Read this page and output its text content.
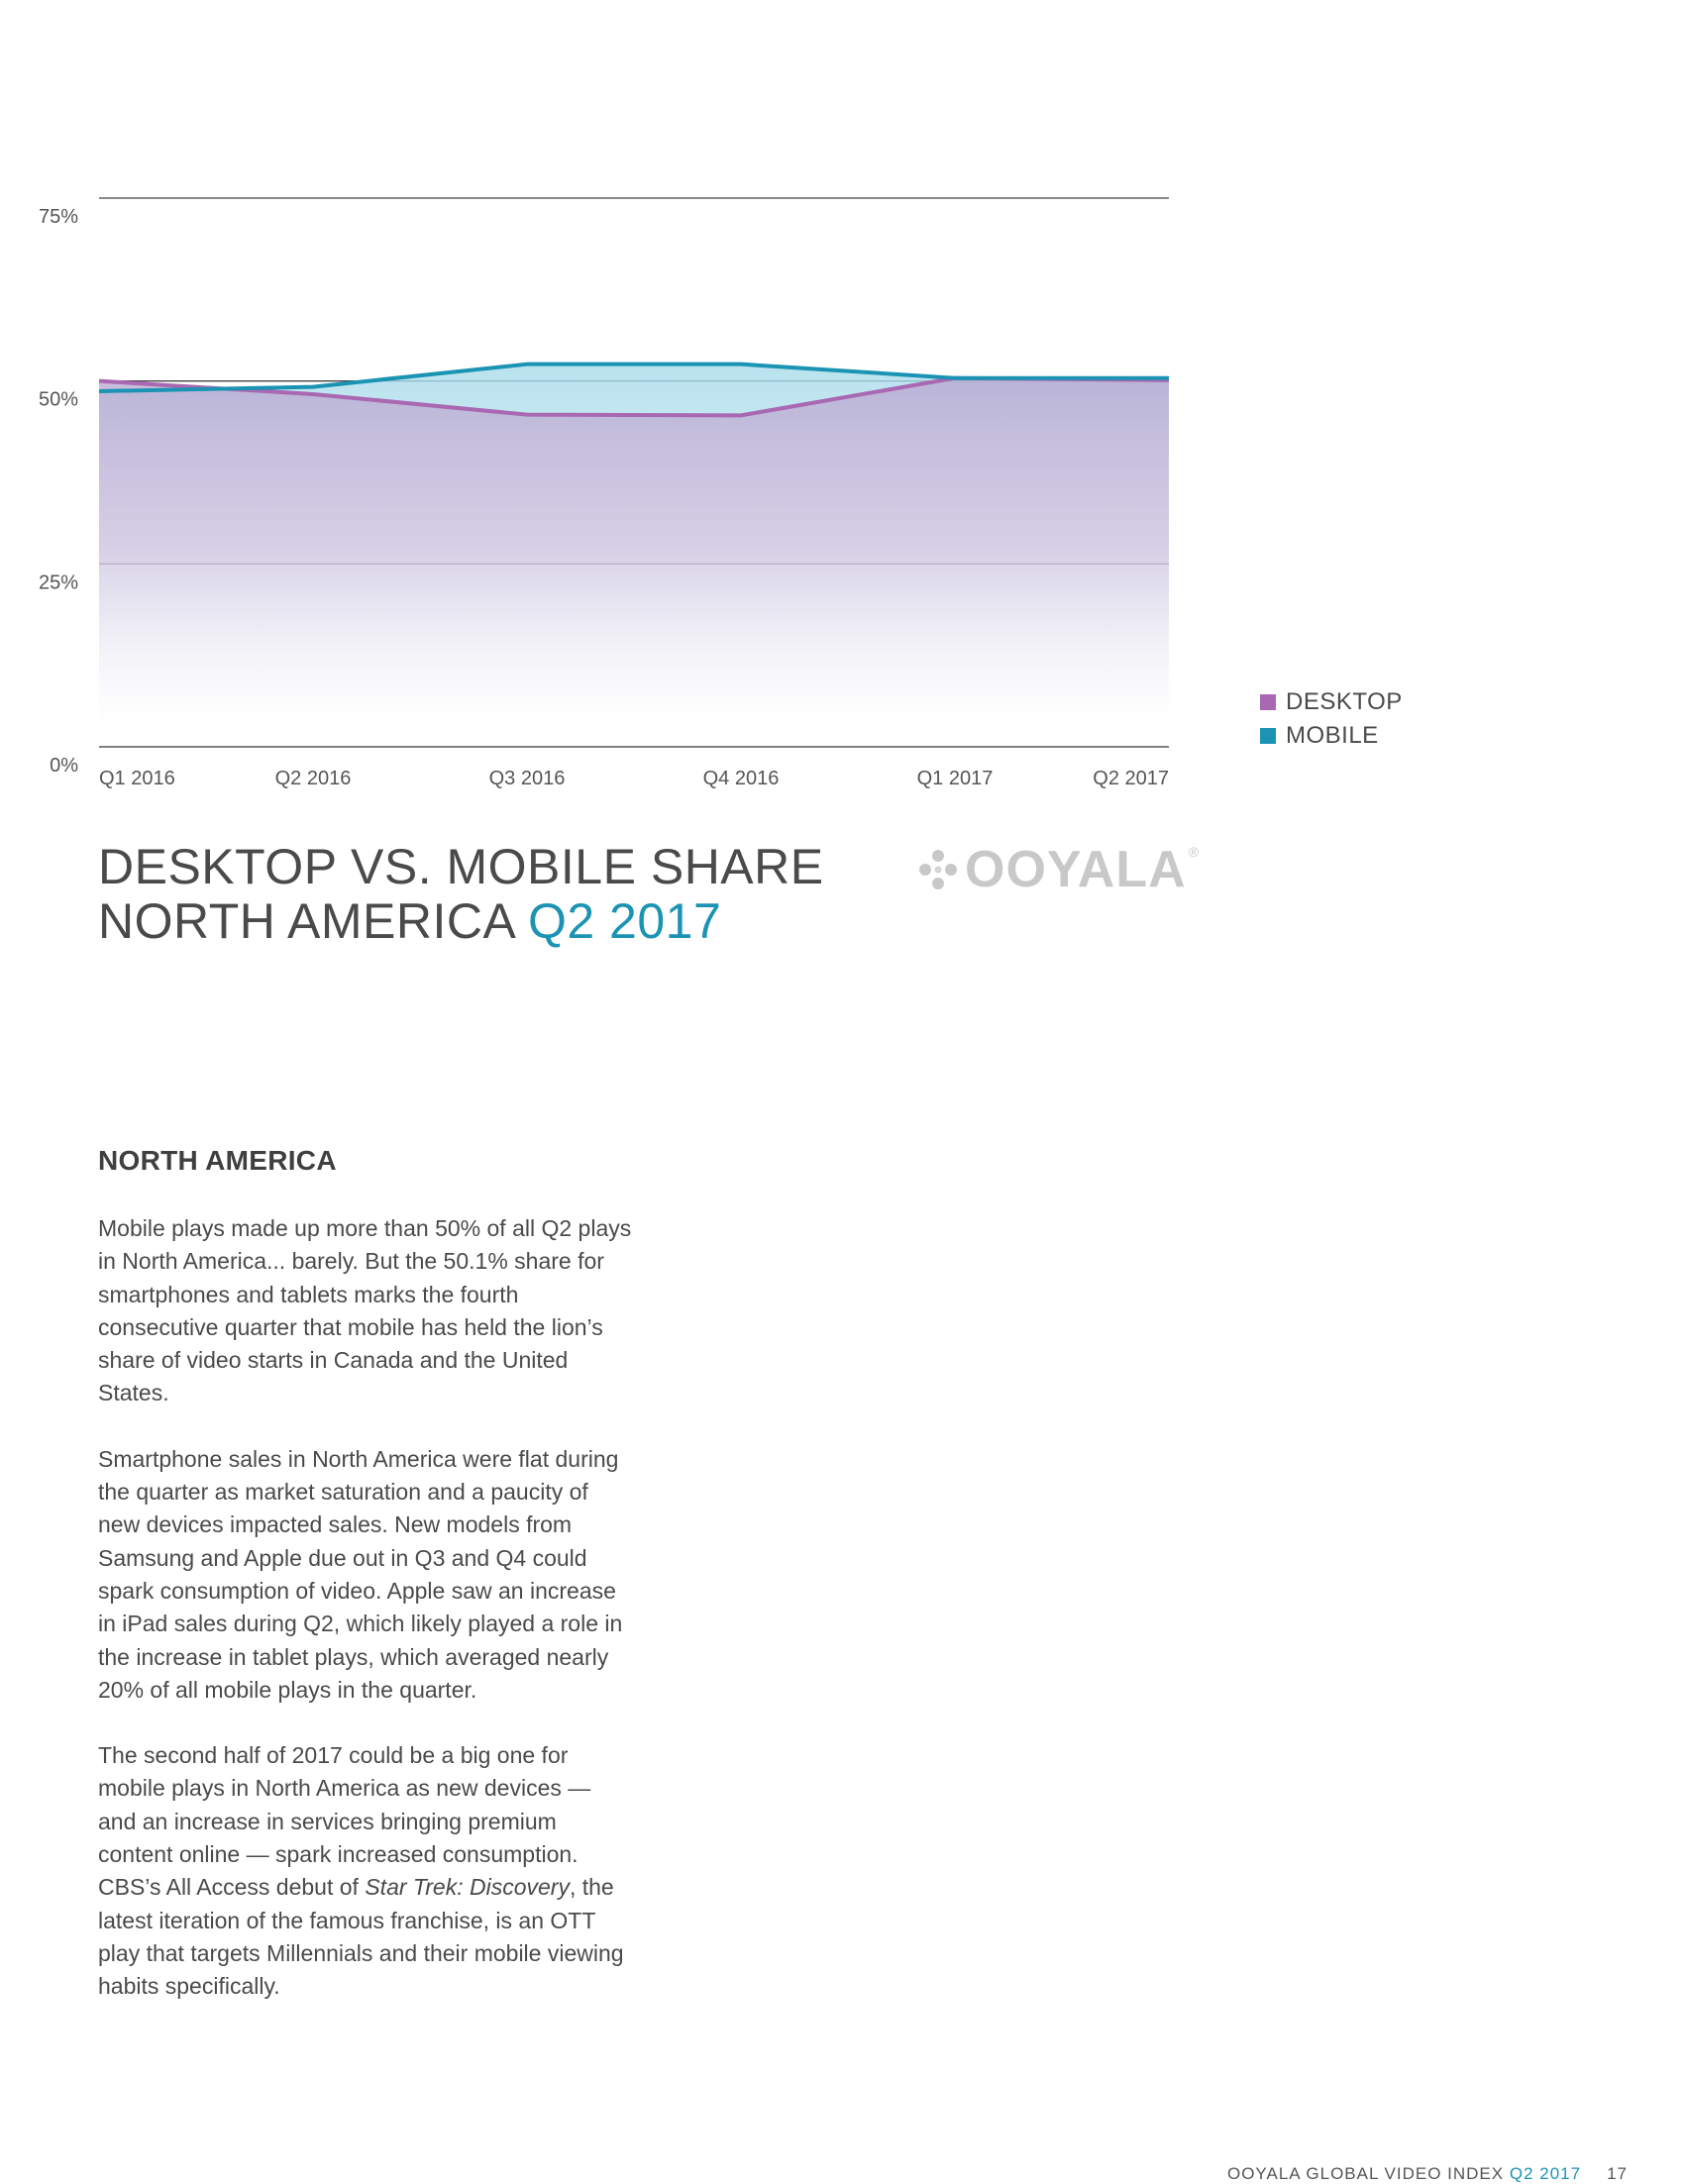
0%
25%
50%
75%
Q1 2016	Q2 2016	Q3 2016	Q4 2016	Q1 2017	Q2 2017
DESKTOP
MOBILE
DESKTOP VS. MOBILE SHARE
NORTH AMERICA Q2 2017
OOYALA ®
NORTH AMERICA

Mobile plays made up more than 50% of all Q2 plays in North America... barely. But the 50.1% share for smartphones and tablets marks the fourth consecutive quarter that mobile has held the lion’s share of video starts in Canada and the United States.

Smartphone sales in North America were flat during the quarter as market saturation and a paucity of new devices impacted sales. New models from Samsung and Apple due out in Q3 and Q4 could spark consumption of video. Apple saw an increase in iPad sales during Q2, which likely played a role in the increase in tablet plays, which averaged nearly 20% of all mobile plays in the quarter.

The second half of 2017 could be a big one for mobile plays in North America as new devices — and an increase in services bringing premium content online — spark increased consumption. CBS’s All Access debut of Star Trek: Discovery, the latest iteration of the famous franchise, is an OTT play that targets Millennials and their mobile viewing habits specifically.

OOYALA GLOBAL VIDEO INDEX Q2 2017 17
